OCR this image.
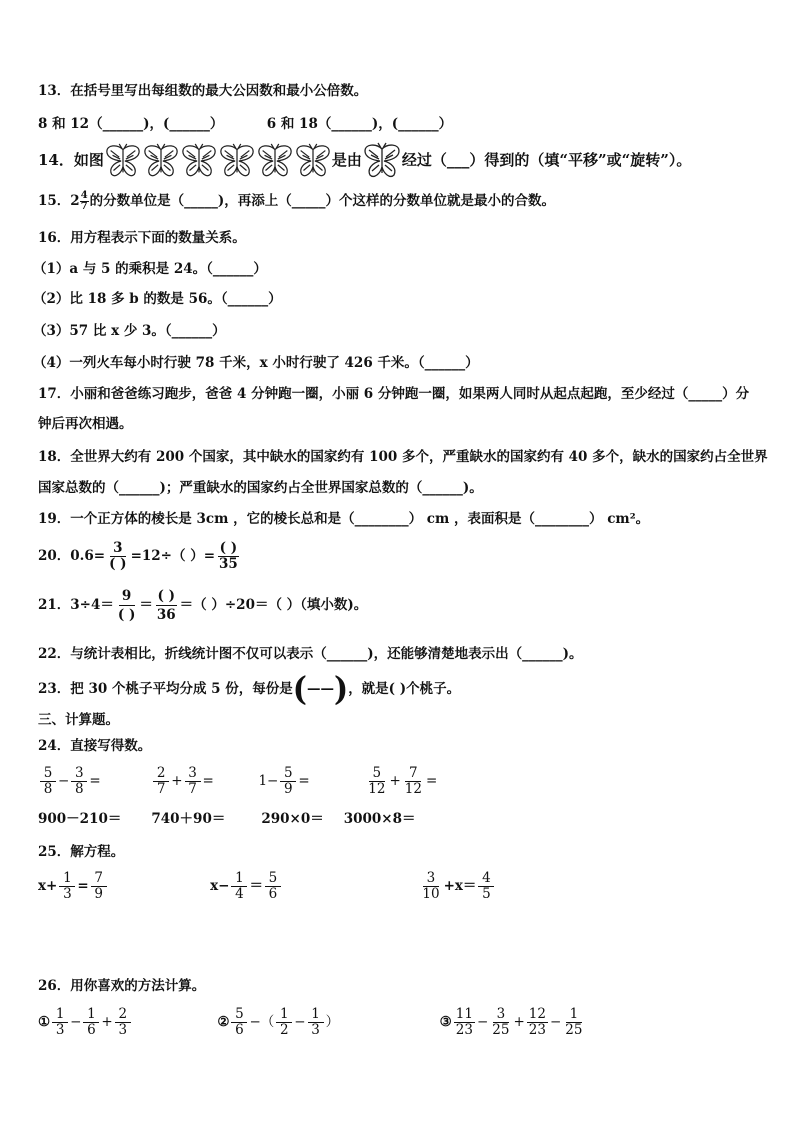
13．在括号里写出每组数的最大公因数和最小公倍数。
8 和 12（______)，(______）	6 和 18（______)，(______）
14．如图	是由	经过（___）得到的（填“平移”或“旋转”）。
15．$2 \frac{4}{7}$ 的分数单位是（_____)，再添上（_____）个这样的分数单位就是最小的合数。
16．用方程表示下面的数量关系。
（1）a 与 5 的乘积是 24。（______）
（2）比 18 多 b 的数是 56。（______）
（3）57 比 x 少 3。（______）
（4）一列火车每小时行驶 78 千米，x 小时行驶了 426 千米。（______）
17．小丽和爸爸练习跑步，爸爸 4 分钟跑一圈，小丽 6 分钟跑一圈，如果两人同时从起点起跑，至少经过（_____）分
钟后再次相遇。
18．全世界大约有 200 个国家，其中缺水的国家约有 100 多个，严重缺水的国家约有 40 多个，缺水的国家约占全世界
国家总数的（______)；严重缺水的国家约占全世界国家总数的（______)。
19．一个正方体的棱长是 3cm ，它的棱长总和是（________） cm ，表面积是（________） cm²。
20．$0.6= \frac{3}{( )} =12\div$（ ）= $\frac{( )}{35}$
21．$3\div 4= \frac{9}{( )} = \frac{( )}{36}$ ＝（ ）÷20＝（ ）（填小数)。
22．与统计表相比，折线统计图不仅可以表示（______)，还能够清楚地表示出（______)。
23．把 30 个桃子平均分成 5 份，每份是(——)，就是( )个桃子。
三、计算题。
24．直接写得数。
$\frac{5}{8} - \frac{3}{8}$ =	$\frac{2}{7} + \frac{3}{7}$ =	$1- \frac{5}{9}$ =	$\frac{5}{12} + \frac{7}{12}$ =
900－210＝ 740＋90＝	290×0＝ 3000×8＝
25．解方程。
$x+ \frac{1}{3} = \frac{7}{9}$	$x- \frac{1}{4} = \frac{5}{6}$
	$\frac{3}{10} +x= \frac{4}{5}$
26．用你喜欢的方法计算。
① $\frac{1}{3} - \frac{1}{6} + \frac{2}{3}$	② $\frac{5}{6}$ −（ $\frac{1}{2} - \frac{1}{3}$ ）	③ $\frac{11}{23} - \frac{3}{25} + \frac{12}{23} - \frac{1}{25}$
